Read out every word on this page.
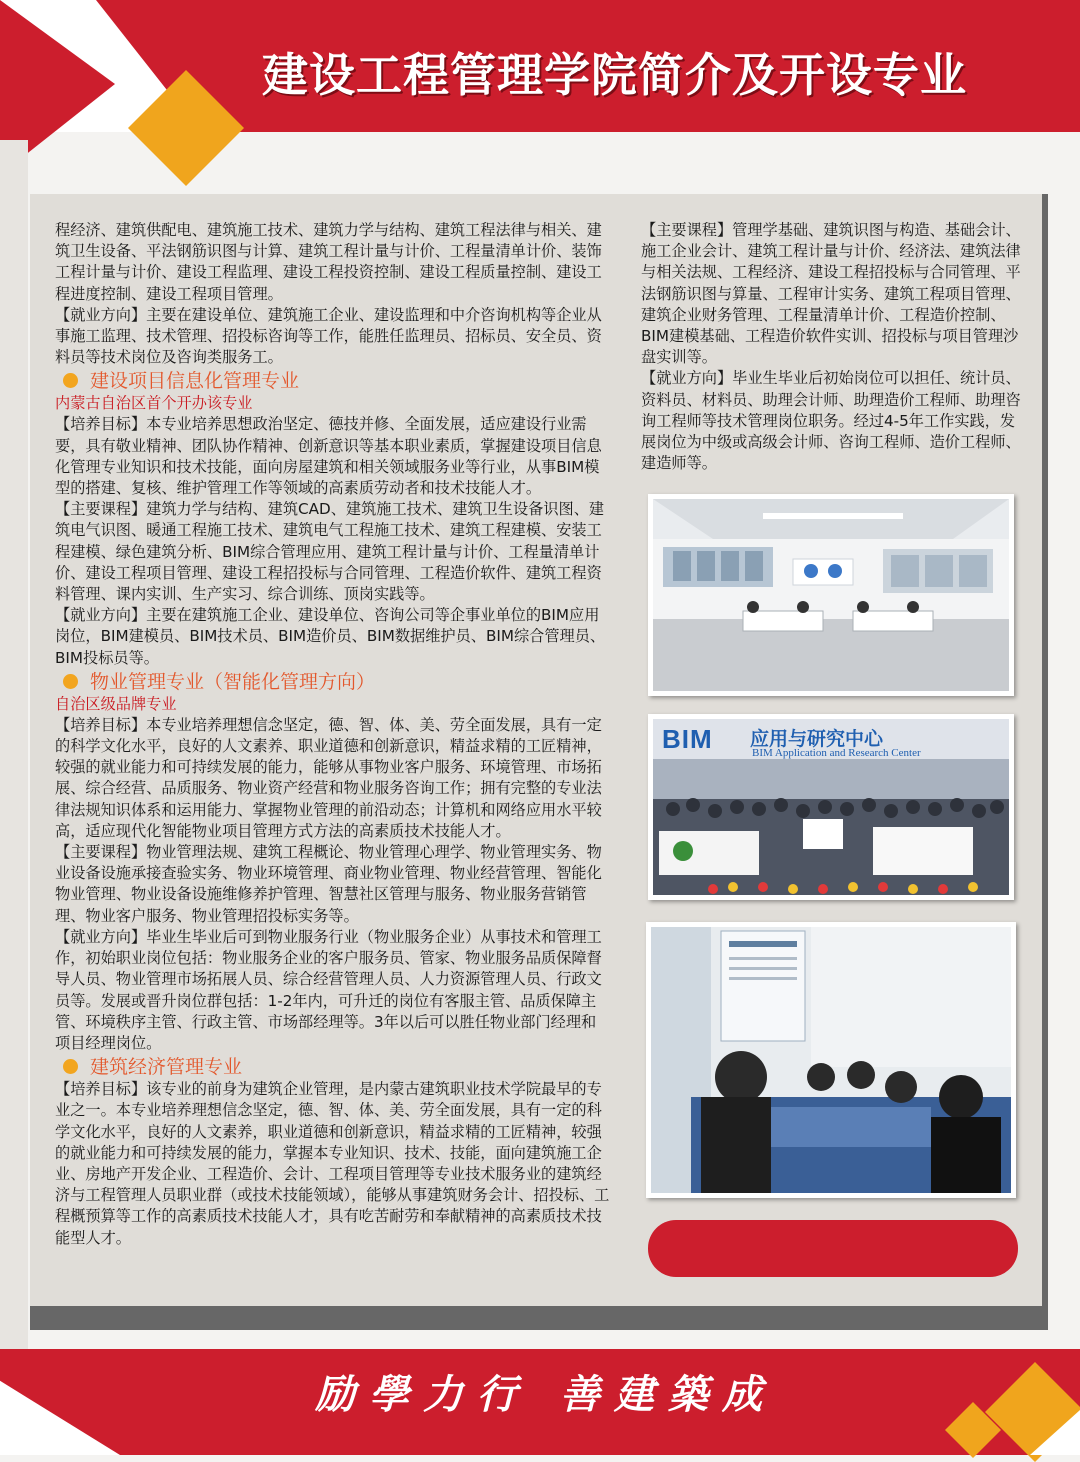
建设工程管理学院简介及开设专业

程经济、建筑供配电、建筑施工技术、建筑力学与结构、建筑工程法律与相关、建筑卫生设备、平法钢筋识图与计算、建筑工程计量与计价、工程量清单计价、装饰工程计量与计价、建设工程监理、建设工程投资控制、建设工程质量控制、建设工程进度控制、建设工程项目管理。

【就业方向】主要在建设单位、建筑施工企业、建设监理和中介咨询机构等企业从事施工监理、技术管理、招投标咨询等工作，能胜任监理员、招标员、安全员、资料员等技术岗位及咨询类服务工。

建设项目信息化管理专业

内蒙古自治区首个开办该专业

【培养目标】本专业培养思想政治坚定、德技并修、全面发展，适应建设行业需要，具有敬业精神、团队协作精神、创新意识等基本职业素质，掌握建设项目信息化管理专业知识和技术技能，面向房屋建筑和相关领域服务业等行业，从事BIM模型的搭建、复核、维护管理工作等领域的高素质劳动者和技术技能人才。

【主要课程】建筑力学与结构、建筑CAD、建筑施工技术、建筑卫生设备识图、建筑电气识图、暖通工程施工技术、建筑电气工程施工技术、建筑工程建模、安装工程建模、绿色建筑分析、BIM综合管理应用、建筑工程计量与计价、工程量清单计价、建设工程项目管理、建设工程招投标与合同管理、工程造价软件、建筑工程资料管理、课内实训、生产实习、综合训练、顶岗实践等。

【就业方向】主要在建筑施工企业、建设单位、咨询公司等企事业单位的BIM应用岗位，BIM建模员、BIM技术员、BIM造价员、BIM数据维护员、BIM综合管理员、BIM投标员等。

物业管理专业（智能化管理方向）

自治区级品牌专业

【培养目标】本专业培养理想信念坚定，德、智、体、美、劳全面发展，具有一定的科学文化水平，良好的人文素养、职业道德和创新意识，精益求精的工匠精神，较强的就业能力和可持续发展的能力，能够从事物业客户服务、环境管理、市场拓展、综合经营、品质服务、物业资产经营和物业服务咨询工作；拥有完整的专业法律法规知识体系和运用能力、掌握物业管理的前沿动态；计算机和网络应用水平较高，适应现代化智能物业项目管理方式方法的高素质技术技能人才。

【主要课程】物业管理法规、建筑工程概论、物业管理心理学、物业管理实务、物业设备设施承接查验实务、物业环境管理、商业物业管理、物业经营管理、智能化物业管理、物业设备设施维修养护管理、智慧社区管理与服务、物业服务营销管理、物业客户服务、物业管理招投标实务等。

【就业方向】毕业生毕业后可到物业服务行业（物业服务企业）从事技术和管理工作，初始职业岗位包括：物业服务企业的客户服务员、管家、物业服务品质保障督导人员、物业管理市场拓展人员、综合经营管理人员、人力资源管理人员、行政文员等。发展或晋升岗位群包括：1-2年内，可升迁的岗位有客服主管、品质保障主管、环境秩序主管、行政主管、市场部经理等。3年以后可以胜任物业部门经理和项目经理岗位。

建筑经济管理专业

【培养目标】该专业的前身为建筑企业管理，是内蒙古建筑职业技术学院最早的专业之一。本专业培养理想信念坚定，德、智、体、美、劳全面发展，具有一定的科学文化水平，良好的人文素养，职业道德和创新意识，精益求精的工匠精神，较强的就业能力和可持续发展的能力，掌握本专业知识、技术、技能，面向建筑施工企业、房地产开发企业、工程造价、会计、工程项目管理等专业技术服务业的建筑经济与工程管理人员职业群（或技术技能领域），能够从事建筑财务会计、招投标、工程概预算等工作的高素质技术技能人才，具有吃苦耐劳和奉献精神的高素质技术技能型人才。

【主要课程】管理学基础、建筑识图与构造、基础会计、施工企业会计、建筑工程计量与计价、经济法、建筑法律与相关法规、工程经济、建设工程招投标与合同管理、平法钢筋识图与算量、工程审计实务、建筑工程项目管理、建筑企业财务管理、工程量清单计价、工程造价控制、BIM建模基础、工程造价软件实训、招投标与项目管理沙盘实训等。

【就业方向】毕业生毕业后初始岗位可以担任、统计员、资料员、材料员、助理会计师、助理造价工程师、助理咨询工程师等技术管理岗位职务。经过4-5年工作实践，发展岗位为中级或高级会计师、咨询工程师、造价工程师、建造师等。

BIM 应用与研究中心
BIM Application and Research Center

励學力行 善建築成
